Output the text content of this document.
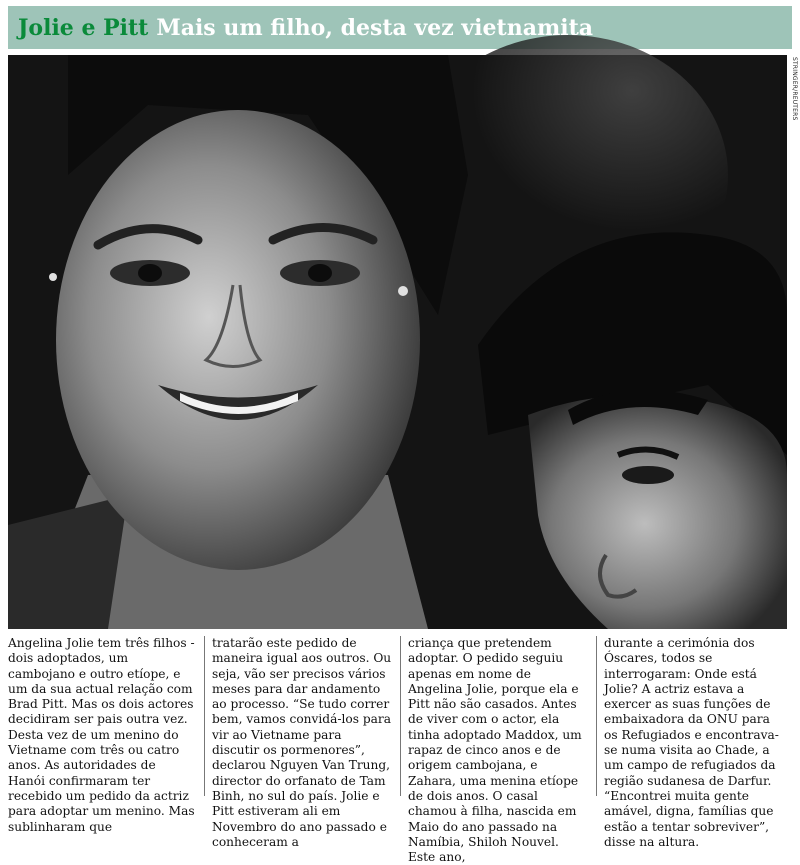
Jolie e Pitt Mais um filho, desta vez vietnamita
STRINGER/REUTERS
Angelina Jolie tem três filhos - dois adoptados, um cambojano e outro etíope, e um da sua actual relação com Brad Pitt. Mas os dois actores decidiram ser pais outra vez. Desta vez de um menino do Vietname com três ou catro anos. As autoridades de Hanói confirmaram ter recebido um pedido da actriz para adoptar um menino. Mas sublinharam que
tratarão este pedido de maneira igual aos outros. Ou seja, vão ser precisos vários meses para dar andamento ao processo. “Se tudo correr bem, vamos convidá-los para vir ao Vietname para discutir os pormenores”, declarou Nguyen Van Trung, director do orfanato de Tam Binh, no sul do país. Jolie e Pitt estiveram ali em Novembro do ano passado e conheceram a
criança que pretendem adoptar. O pedido seguiu apenas em nome de Angelina Jolie, porque ela e Pitt não são casados. Antes de viver com o actor, ela tinha adoptado Maddox, um rapaz de cinco anos e de origem cambojana, e Zahara, uma menina etíope de dois anos. O casal chamou à filha, nascida em Maio do ano passado na Namíbia, Shiloh Nouvel. Este ano,
durante a cerimónia dos Óscares, todos se interrogaram: Onde está Jolie? A actriz estava a exercer as suas funções de embaixadora da ONU para os Refugiados e encontrava-se numa visita ao Chade, a um campo de refugiados da região sudanesa de Darfur. “Encontrei muita gente amável, digna, famílias que estão a tentar sobreviver”, disse na altura.
